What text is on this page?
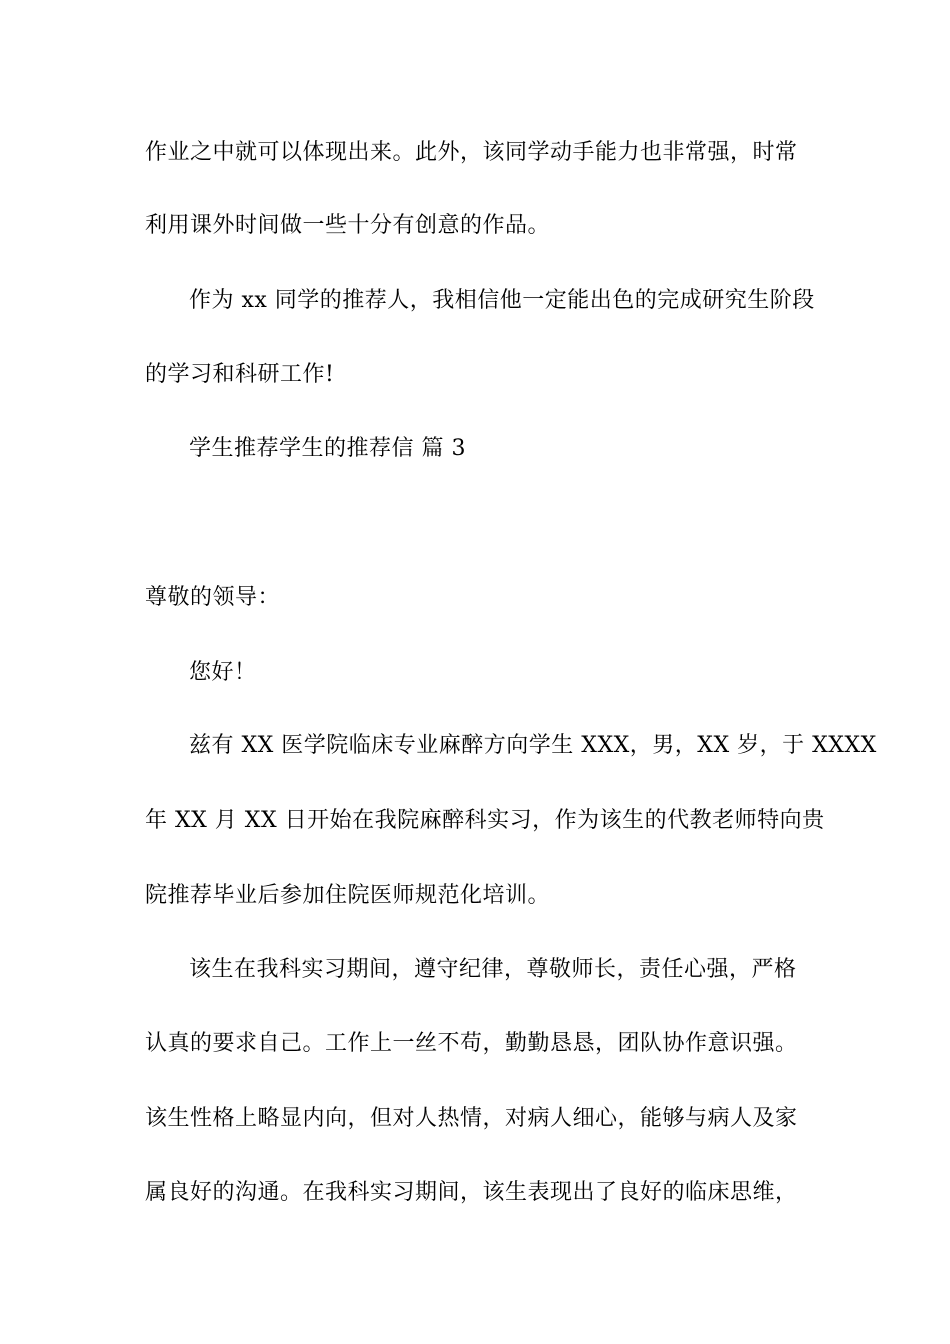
作业之中就可以体现出来。此外，该同学动手能力也非常强，时常
利用课外时间做一些十分有创意的作品。
作为 xx 同学的推荐人，我相信他一定能出色的完成研究生阶段
的学习和科研工作!
学生推荐学生的推荐信 篇 3
尊敬的领导：
您好！
兹有 XX 医学院临床专业麻醉方向学生 XXX，男，XX 岁，于 XXXX
年 XX 月 XX 日开始在我院麻醉科实习，作为该生的代教老师特向贵
院推荐毕业后参加住院医师规范化培训。
该生在我科实习期间，遵守纪律，尊敬师长，责任心强，严格
认真的要求自己。工作上一丝不苟，勤勤恳恳，团队协作意识强。
该生性格上略显内向，但对人热情，对病人细心，能够与病人及家
属良好的沟通。在我科实习期间，该生表现出了良好的临床思维，
